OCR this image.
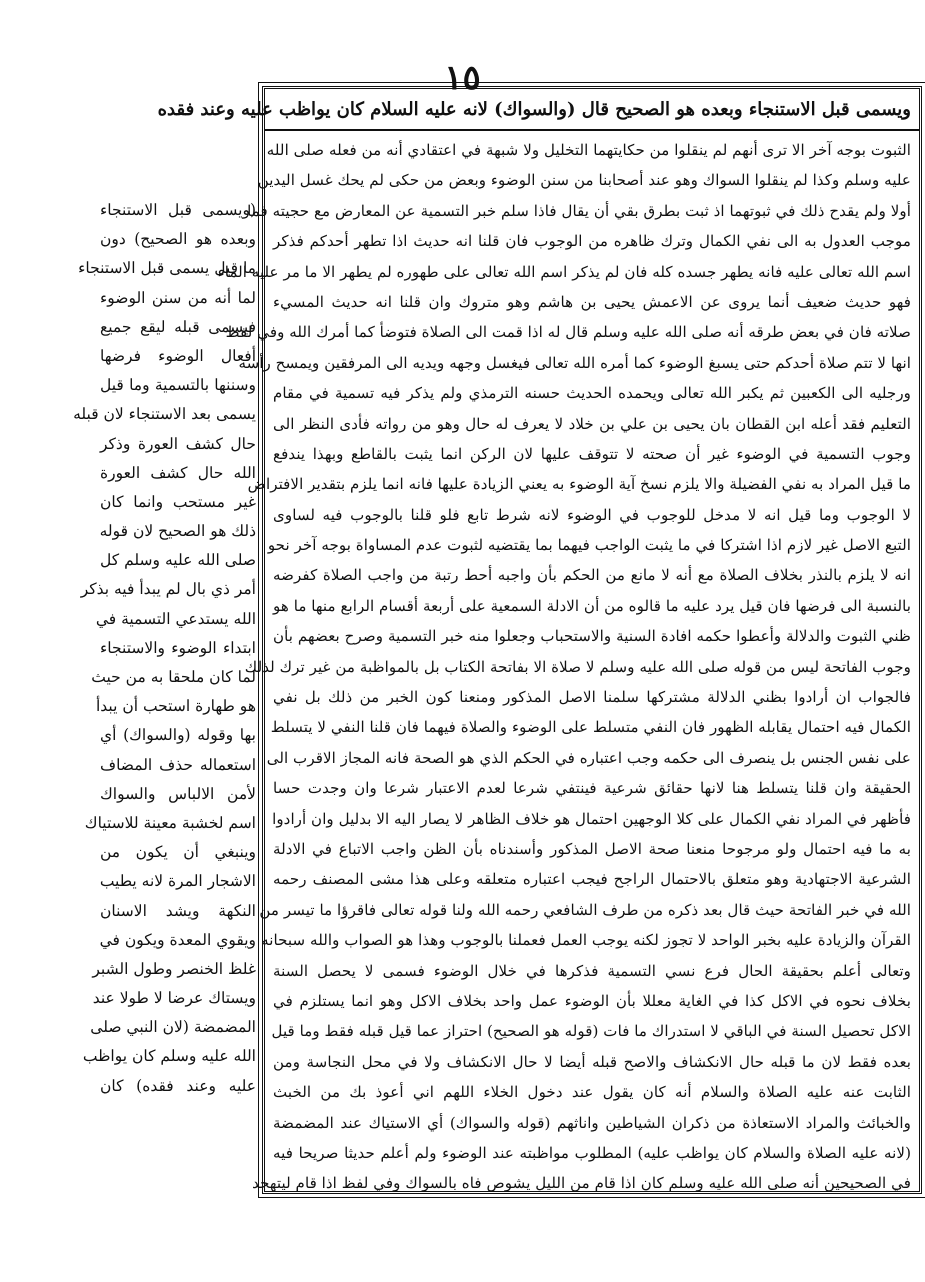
١٥
(ويسمى قبل الاستنجاء
وبعده هو الصحيح) دون
ما قيل يسمى قبل الاستنجاء
لما أنه من سنن الوضوء
فيسمى قبله ليقع جميع
أفعال الوضوء فرضها
وسننها بالتسمية وما قيل
يسمى بعد الاستنجاء لان قبله
حال كشف العورة وذكر
الله حال كشف العورة
غير مستحب وانما كان
ذلك هو الصحيح لان قوله
صلى الله عليه وسلم كل
أمر ذي بال لم يبدأ فيه بذكر
الله يستدعي التسمية في
ابتداء الوضوء والاستنجاء
لما كان ملحقا به من حيث
هو طهارة استحب أن يبدأ
بها وقوله (والسواك) أي
استعماله حذف المضاف
لأمن الالباس والسواك
اسم لخشبة معينة للاستياك
وينبغي أن يكون من
الاشجار المرة لانه يطيب
النكهة ويشد الاسنان
ويقوي المعدة ويكون في
غلظ الخنصر وطول الشبر
ويستاك عرضا لا طولا عند
المضمضة (لان النبي صلى
الله عليه وسلم كان يواظب
عليه وعند فقده) كان
ويسمى قبل الاستنجاء وبعده هو الصحيح قال (والسواك) لانه عليه السلام كان يواظب عليه وعند فقده
الثبوت بوجه آخر الا ترى أنهم لم ينقلوا من حكايتهما التخليل ولا شبهة في اعتقادي أنه من فعله صلى الله
عليه وسلم وكذا لم ينقلوا السواك وهو عند أصحابنا من سنن الوضوء وبعض من حكى لم يحك غسل اليدين
أولا ولم يقدح ذلك في ثبوتهما اذ ثبت بطرق بقي أن يقال فاذا سلم خبر التسمية عن المعارض مع حجيته فما
موجب العدول به الى نفي الكمال وترك ظاهره من الوجوب فان قلنا انه حديث اذا تطهر أحدكم فذكر
اسم الله تعالى عليه فانه يطهر جسده كله فان لم يذكر اسم الله تعالى على طهوره لم يطهر الا ما مر عليه الماء
فهو حديث ضعيف أنما يروى عن الاعمش يحيى بن هاشم وهو متروك وان قلنا انه حديث المسيء
صلاته فان في بعض طرقه أنه صلى الله عليه وسلم قال له اذا قمت الى الصلاة فتوضأ كما أمرك الله وفي لفظ
انها لا تتم صلاة أحدكم حتى يسبغ الوضوء كما أمره الله تعالى فيغسل وجهه ويديه الى المرفقين ويمسح رأسه
ورجليه الى الكعبين ثم يكبر الله تعالى ويحمده الحديث حسنه الترمذي ولم يذكر فيه تسمية في مقام
التعليم فقد أعله ابن القطان بان يحيى بن علي بن خلاد لا يعرف له حال وهو من رواته فأدى النظر الى
وجوب التسمية في الوضوء غير أن صحته لا تتوقف عليها لان الركن انما يثبت بالقاطع وبهذا يندفع
ما قيل المراد به نفي الفضيلة والا يلزم نسخ آية الوضوء به يعني الزيادة عليها فانه انما يلزم بتقدير الافتراض
لا الوجوب وما قيل انه لا مدخل للوجوب في الوضوء لانه شرط تابع فلو قلنا بالوجوب فيه لساوى
التبع الاصل غير لازم اذا اشتركا في ما يثبت الواجب فيهما بما يقتضيه لثبوت عدم المساواة بوجه آخر نحو
انه لا يلزم بالنذر بخلاف الصلاة مع أنه لا مانع من الحكم بأن واجبه أحط رتبة من واجب الصلاة كفرضه
بالنسبة الى فرضها فان قيل يرد عليه ما قالوه من أن الادلة السمعية على أربعة أقسام الرابع منها ما هو
ظني الثبوت والدلالة وأعطوا حكمه افادة السنية والاستحباب وجعلوا منه خبر التسمية وصرح بعضهم بأن
وجوب الفاتحة ليس من قوله صلى الله عليه وسلم لا صلاة الا بفاتحة الكتاب بل بالمواظبة من غير ترك لذلك
فالجواب ان أرادوا بظني الدلالة مشتركها سلمنا الاصل المذكور ومنعنا كون الخبر من ذلك بل نفي
الكمال فيه احتمال يقابله الظهور فان النفي متسلط على الوضوء والصلاة فيهما فان قلنا النفي لا يتسلط
على نفس الجنس بل ينصرف الى حكمه وجب اعتباره في الحكم الذي هو الصحة فانه المجاز الاقرب الى
الحقيقة وان قلنا يتسلط هنا لانها حقائق شرعية فينتفي شرعا لعدم الاعتبار شرعا وان وجدت حسا
فأظهر في المراد نفي الكمال على كلا الوجهين احتمال هو خلاف الظاهر لا يصار اليه الا بدليل وان أرادوا
به ما فيه احتمال ولو مرجوحا منعنا صحة الاصل المذكور وأسندناه بأن الظن واجب الاتباع في الادلة
الشرعية الاجتهادية وهو متعلق بالاحتمال الراجح فيجب اعتباره متعلقه وعلى هذا مشى المصنف رحمه
الله في خبر الفاتحة حيث قال بعد ذكره من طرف الشافعي رحمه الله ولنا قوله تعالى فاقرؤا ما تيسر من
القرآن والزيادة عليه بخبر الواحد لا تجوز لكنه يوجب العمل فعملنا بالوجوب وهذا هو الصواب والله سبحانه
وتعالى أعلم بحقيقة الحال فرع نسي التسمية فذكرها في خلال الوضوء فسمى لا يحصل السنة
بخلاف نحوه في الاكل كذا في الغاية معللا بأن الوضوء عمل واحد بخلاف الاكل وهو انما يستلزم في
الاكل تحصيل السنة في الباقي لا استدراك ما فات (قوله هو الصحيح) احتراز عما قيل قبله فقط وما قيل
بعده فقط لان ما قبله حال الانكشاف والاصح قبله أيضا لا حال الانكشاف ولا في محل النجاسة ومن
الثابت عنه عليه الصلاة والسلام أنه كان يقول عند دخول الخلاء اللهم اني أعوذ بك من الخبث
والخبائث والمراد الاستعاذة من ذكران الشياطين واناثهم (قوله والسواك) أي الاستياك عند المضمضة
(لانه عليه الصلاة والسلام كان يواظب عليه) المطلوب مواظبته عند الوضوء ولم أعلم حديثا صريحا فيه
في الصحيحين أنه صلى الله عليه وسلم كان اذا قام من الليل يشوص فاه بالسواك وفي لفظ اذا قام ليتهجد
